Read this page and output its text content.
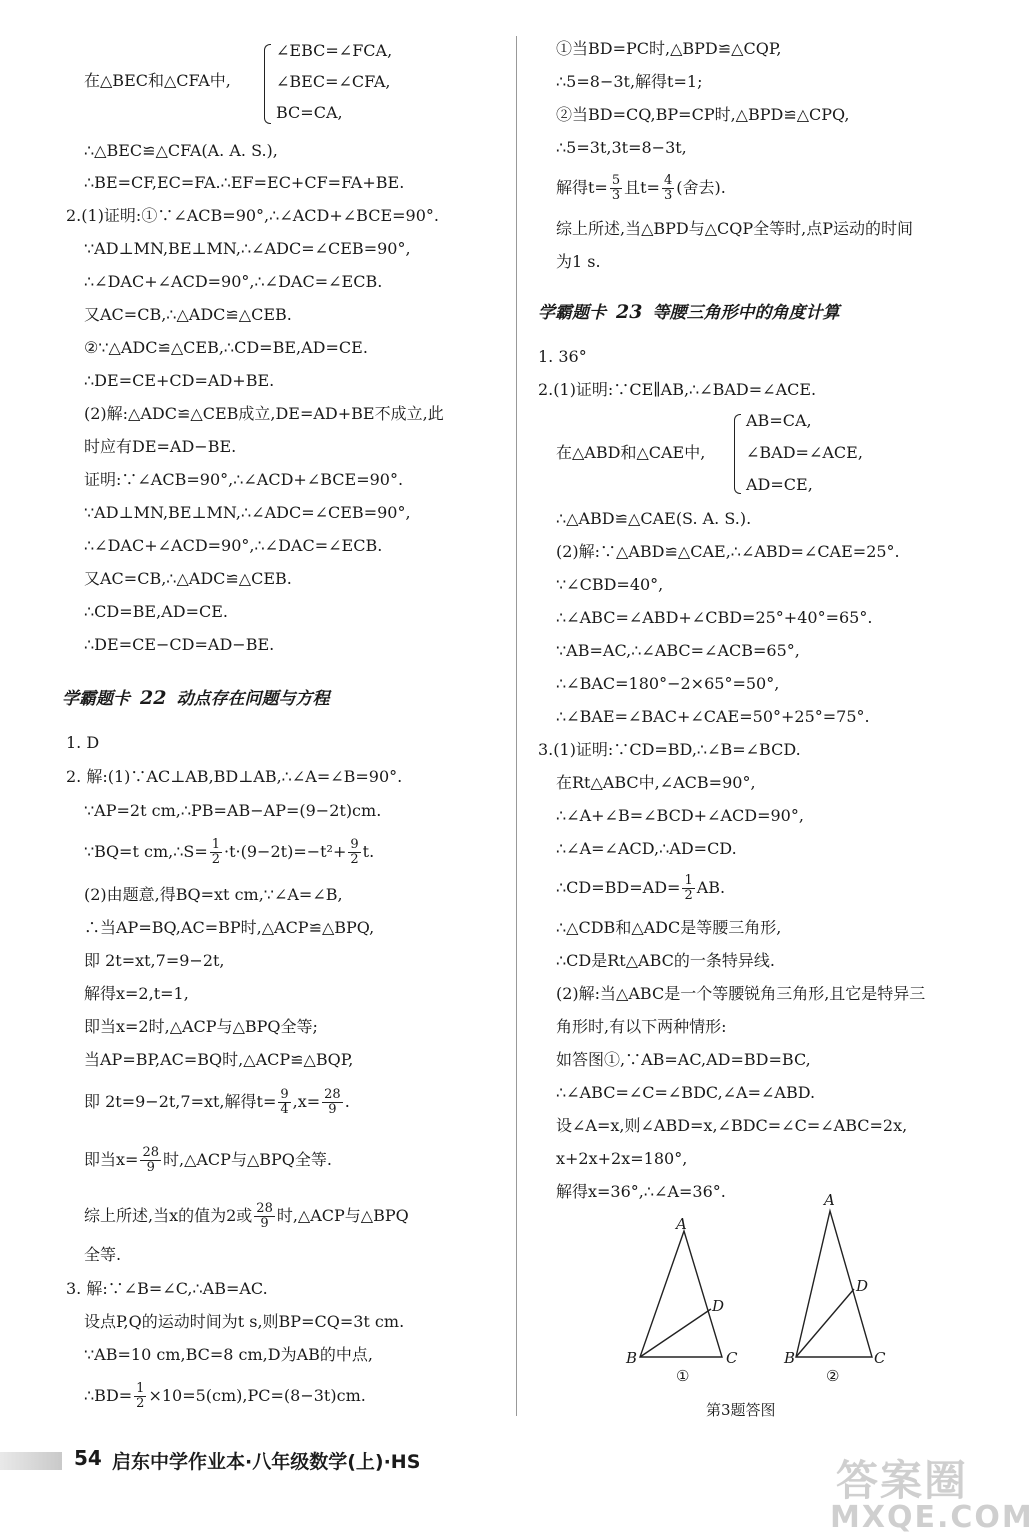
在△BEC和△CFA中,
∠EBC=∠FCA,
∠BEC=∠CFA,
BC=CA,
∴△BEC≌△CFA(A. A. S.),
∴BE=CF,EC=FA.∴EF=EC+CF=FA+BE.
2.(1)证明:①∵∠ACB=90°,∴∠ACD+∠BCE=90°.
∵AD⊥MN,BE⊥MN,∴∠ADC=∠CEB=90°,
∴∠DAC+∠ACD=90°,∴∠DAC=∠ECB.
又AC=CB,∴△ADC≌△CEB.
②∵△ADC≌△CEB,∴CD=BE,AD=CE.
∴DE=CE+CD=AD+BE.
(2)解:△ADC≌△CEB成立,DE=AD+BE不成立,此
时应有DE=AD−BE.
证明:∵∠ACB=90°,∴∠ACD+∠BCE=90°.
∵AD⊥MN,BE⊥MN,∴∠ADC=∠CEB=90°,
∴∠DAC+∠ACD=90°,∴∠DAC=∠ECB.
又AC=CB,∴△ADC≌△CEB.
∴CD=BE,AD=CE.
∴DE=CE−CD=AD−BE.
学霸题卡 22 动点存在问题与方程
1. D
2. 解:(1)∵AC⊥AB,BD⊥AB,∴∠A=∠B=90°.
∵AP=2t cm,∴PB=AB−AP=(9−2t)cm.
∵BQ=t cm,∴S= $\frac{1}{2} \cdot t\cdot(9-2t)=-t^2+ \frac{9}{2} t$.
(2)由题意,得BQ=xt cm,∵∠A=∠B,
∴当AP=BQ,AC=BP时,△ACP≌△BPQ,
即 2t=xt,7=9−2t,
解得x=2,t=1,
即当x=2时,△ACP与△BPQ全等;
当AP=BP,AC=BQ时,△ACP≌△BQP,
即 2t=9−2t,7=xt,解得$t= \frac{9}{4} ,x= \frac{28}{9}$ .
即当$x= \frac{28}{9}$ 时,△ACP与△BPQ全等.
综上所述,当x的值为2或 $\frac{28}{9}$ 时,△ACP与△BPQ
全等.
3. 解:∵∠B=∠C,∴AB=AC.
设点P,Q的运动时间为t s,则BP=CQ=3t cm.
∵AB=10 cm,BC=8 cm,D为AB的中点,
∴BD= $\frac{1}{2} \times 10=5(cm),PC=(8-3t)cm$.
①当BD=PC时,△BPD≌△CQP,
∴5=8−3t,解得t=1;
②当BD=CQ,BP=CP时,△BPD≌△CPQ,
∴5=3t,3t=8−3t,
解得$t= \frac{5}{3}$ 且$t= \frac{4}{3}$ (舍去).
综上所述,当△BPD与△CQP全等时,点P运动的时间
为1 s.
学霸题卡 23 等腰三角形中的角度计算
1. 36°
2.(1)证明:∵CE∥AB,∴∠BAD=∠ACE.
在△ABD和△CAE中,
AB=CA,
∠BAD=∠ACE,
AD=CE,
∴△ABD≌△CAE(S. A. S.).
(2)解:∵△ABD≌△CAE,∴∠ABD=∠CAE=25°.
∵∠CBD=40°,
∴∠ABC=∠ABD+∠CBD=25°+40°=65°.
∵AB=AC,∴∠ABC=∠ACB=65°,
∴∠BAC=180°−2×65°=50°,
∴∠BAE=∠BAC+∠CAE=50°+25°=75°.
3.(1)证明:∵CD=BD,∴∠B=∠BCD.
在Rt△ABC中,∠ACB=90°,
∴∠A+∠B=∠BCD+∠ACD=90°,
∴∠A=∠ACD,∴AD=CD.
∴CD=BD=AD= $\frac{1}{2}$ AB.
∴△CDB和△ADC是等腰三角形,
∴CD是Rt△ABC的一条特异线.
(2)解:当△ABC是一个等腰锐角三角形,且它是特异三
角形时,有以下两种情形:
如答图①,∵AB=AC,AD=BD=BC,
∴∠ABC=∠C=∠BDC,∠A=∠ABD.
设∠A=x,则∠ABD=x,∠BDC=∠C=∠ABC=2x,
x+2x+2x=180°,
解得x=36°,∴∠A=36°.
A
B	C
D
①
A
B	C
D
②
第3题答图
54 启东中学作业本·八年级数学(上)·HS	答案圈
MXQE.COM
